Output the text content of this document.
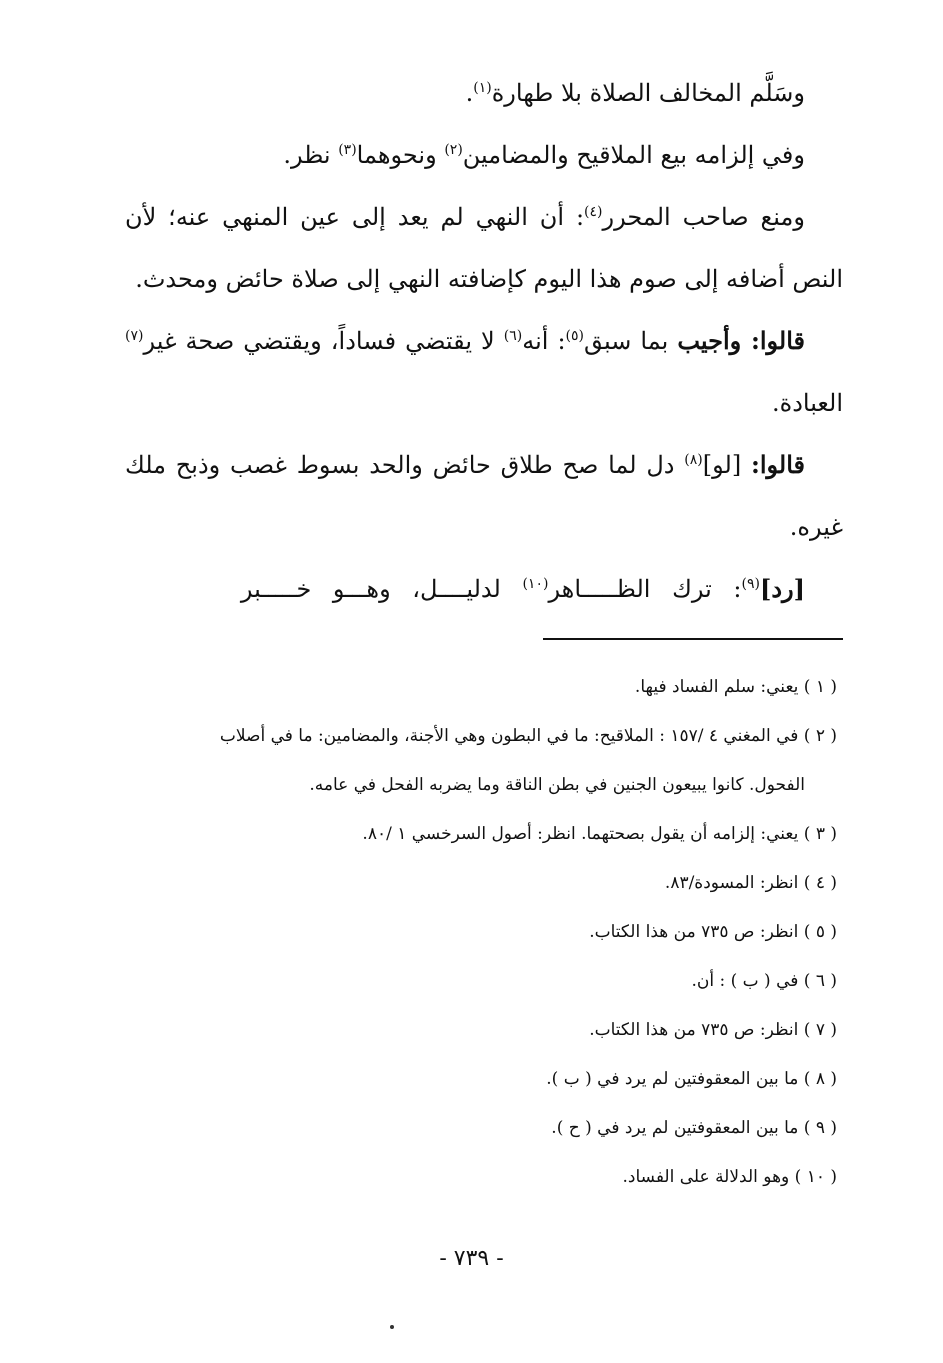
وسَلَّم المخالف الصلاة بلا طهارة$^{(١)}$.

وفي إلزامه بيع الملاقيح والمضامين$^{(٢)}$ ونحوهما$^{(٣)}$ نظر.

ومنع صاحب المحرر$^{(٤)}$: أن النهي لم يعد إلى عين المنهي عنه؛ لأن النص أضافه إلى صوم هذا اليوم كإضافته النهي إلى صلاة حائض ومحدث.

قالوا: وأجيب بما سبق$^{(٥)}$: أنه$^{(٦)}$ لا يقتضي فساداً، ويقتضي صحة غير$^{(٧)}$ العبادة.

قالوا: [لو]$^{(٨)}$ دل لما صح طلاق حائض والحد بسوط غصب وذبح ملك غيره.

[رد]$^{(٩)}$: ترك الظـــــاهر$^{(١٠)}$ لدليــــل، وهـــو خـــــبر

( ١ ) يعني: سلم الفساد فيها.

( ٢ ) في المغني ٤ /١٥٧ : الملاقيح: ما في البطون وهي الأجنة، والمضامين: ما في أصلاب

الفحول. كانوا يبيعون الجنين في بطن الناقة وما يضربه الفحل في عامه.

( ٣ ) يعني: إلزامه أن يقول بصحتهما. انظر: أصول السرخسي ١ /٨٠.

( ٤ ) انظر: المسودة/٨٣.

( ٥ ) انظر: ص ٧٣٥ من هذا الكتاب.

( ٦ ) في ( ب ) : أن.

( ٧ ) انظر: ص ٧٣٥ من هذا الكتاب.

( ٨ ) ما بين المعقوفتين لم يرد في ( ب ).

( ٩ ) ما بين المعقوفتين لم يرد في ( ح ).

( ١٠ ) وهو الدلالة على الفساد.

- ٧٣٩ -
